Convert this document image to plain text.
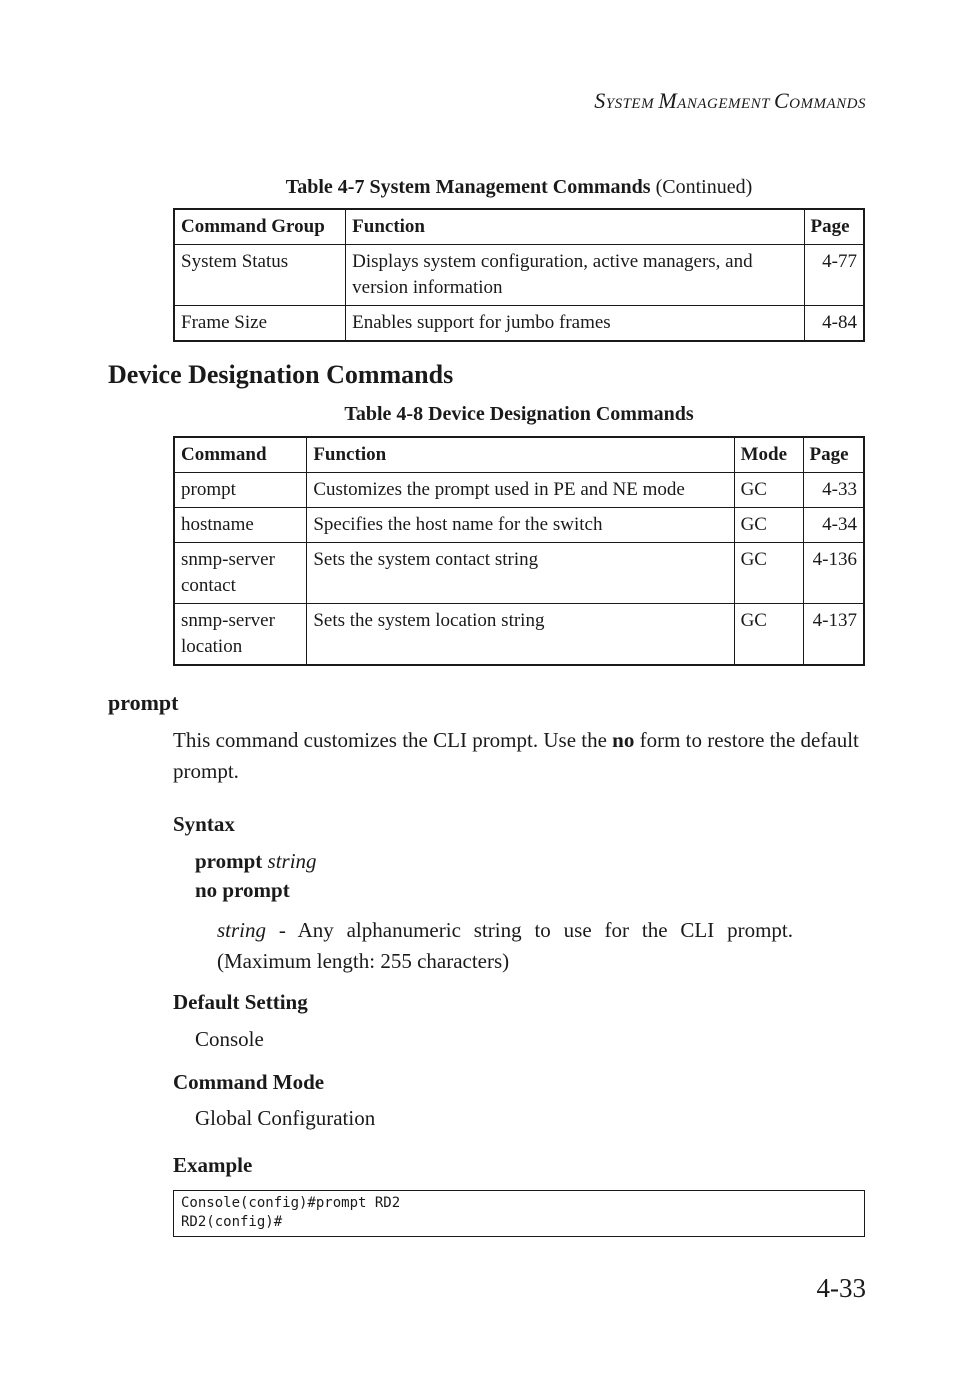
SYSTEM MANAGEMENT COMMANDS
Table 4-7 System Management Commands (Continued)
Command Group	Function	Page
System Status	Displays system configuration, active managers, and version information	4-77
Frame Size	Enables support for jumbo frames	4-84
Device Designation Commands
Table 4-8 Device Designation Commands
Command	Function	Mode	Page
prompt	Customizes the prompt used in PE and NE mode	GC	4-33
hostname	Specifies the host name for the switch	GC	4-34
snmp-server contact	Sets the system contact string	GC	4-136
snmp-server location	Sets the system location string	GC	4-137
prompt
This command customizes the CLI prompt. Use the no form to restore the default prompt.
Syntax
prompt string
no prompt
string - Any alphanumeric string to use for the CLI prompt. (Maximum length: 255 characters)
Default Setting
Console
Command Mode
Global Configuration
Example
Console(config)#prompt RD2
RD2(config)#
4-33
